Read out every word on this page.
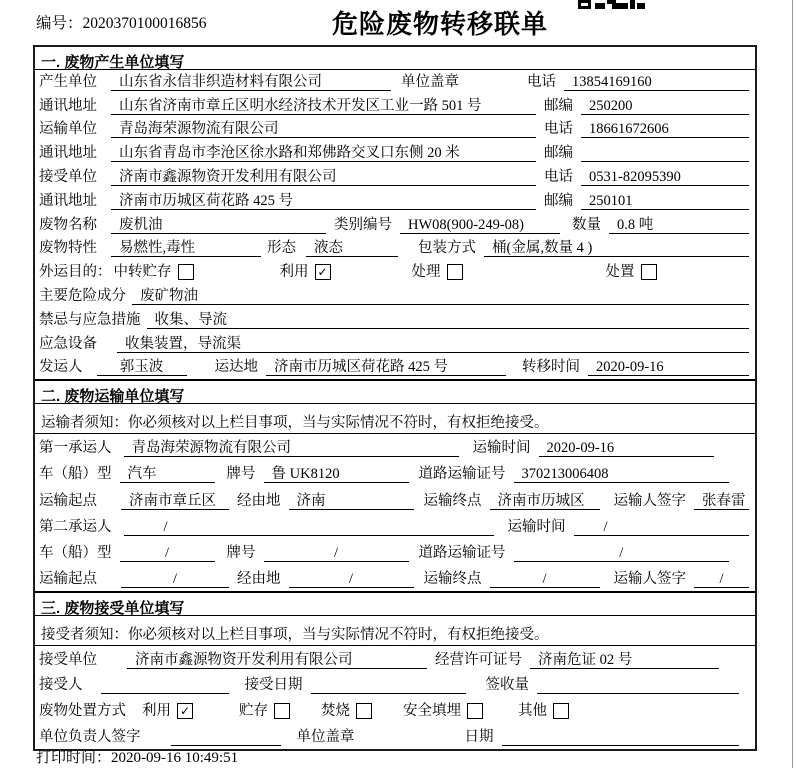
编号：2020370100016856	危险废物转移联单
一. 废物产生单位填写
产生单位	山东省永信非织造材料有限公司	单位盖章	电话	13854169160
通讯地址	山东省济南市章丘区明水经济技术开发区工业一路 501 号	邮编	250200
运输单位	青岛海荣源物流有限公司	电话	18661672606
通讯地址	山东省青岛市李沧区徐水路和郑佛路交叉口东侧 20 米	邮编
接受单位	济南市鑫源物资开发利用有限公司	电话	0531-82095390
通讯地址	济南市历城区荷花路 425 号	邮编	250101
废物名称	废机油	类别编号	HW08(900-249-08)	数量	0.8 吨
废物特性	易燃性,毒性	形态	液态	包装方式	桶(金属,数量 4 )
外运目的： 中转贮存	利用 ✓	处理	处置
主要危险成分 废矿物油
禁忌与应急措施 收集、导流
应急设备	收集装置，导流渠
发运人	郭玉波	运达地	济南市历城区荷花路 425 号	转移时间	2020-09-16
二. 废物运输单位填写
运输者须知：你必须核对以上栏目事项，当与实际情况不符时，有权拒绝接受。
第一承运人	青岛海荣源物流有限公司	运输时间	2020-09-16
车（船）型	汽车	牌号	鲁 UK8120	道路运输证号	370213006408
运输起点	济南市章丘区	经由地	济南	运输终点	济南市历城区	运输人签字	张春雷
第二承运人	/	运输时间	/
车（船）型	/	牌号	/	道路运输证号	/
运输起点	/	经由地	/	运输终点	/	运输人签字	/
三. 废物接受单位填写
接受者须知：你必须核对以上栏目事项，当与实际情况不符时，有权拒绝接受。
接受单位	济南市鑫源物资开发利用有限公司	经营许可证号	济南危证 02 号
接受人	接受日期	签收量
废物处置方式 利用 ✓	贮存	焚烧	安全填埋	其他
单位负责人签字	单位盖章	日期
打印时间：2020-09-16 10:49:51
